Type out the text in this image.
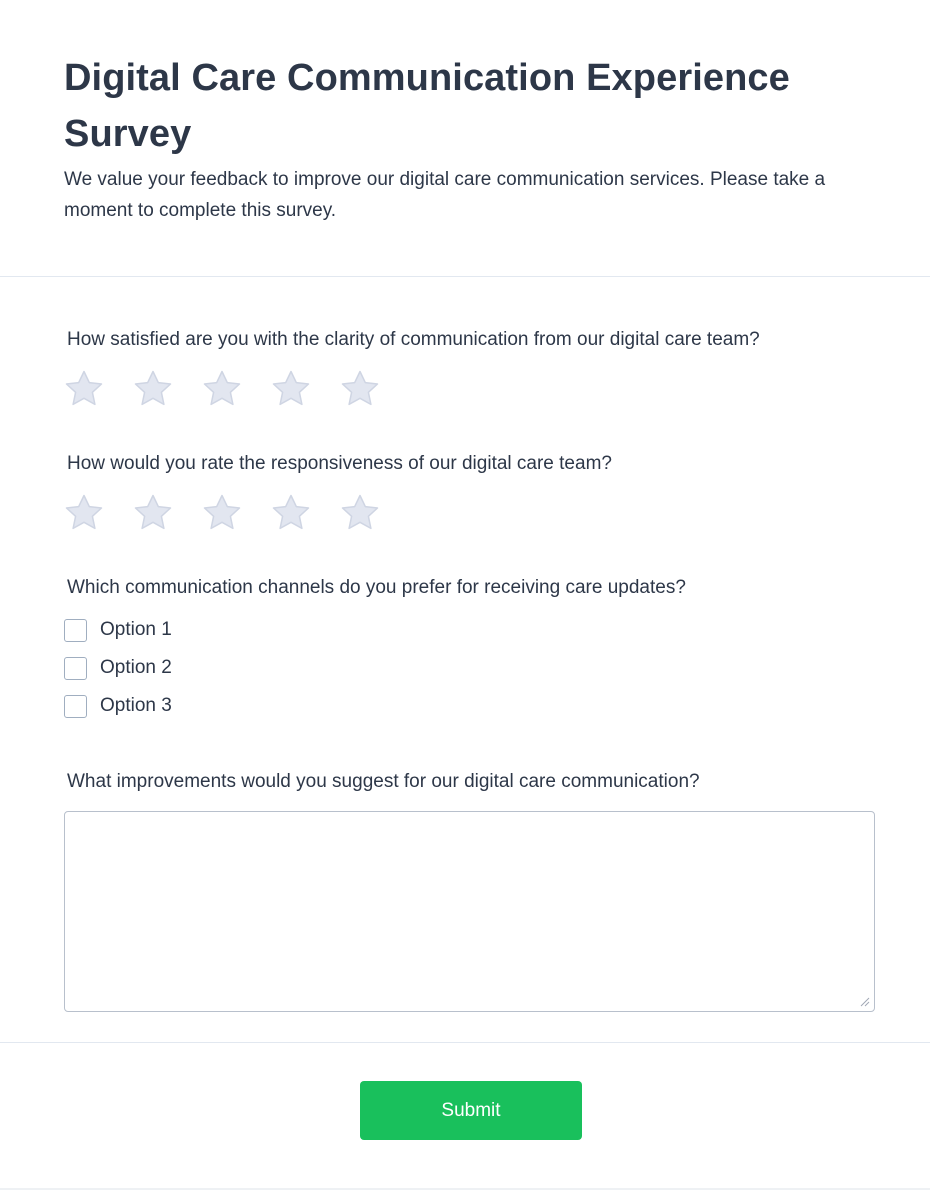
Digital Care Communication Experience Survey

We value your feedback to improve our digital care communication services. Please take a moment to complete this survey.

How satisfied are you with the clarity of communication from our digital care team?

How would you rate the responsiveness of our digital care team?

Which communication channels do you prefer for receiving care updates?

Option 1
Option 2
Option 3

What improvements would you suggest for our digital care communication?

Submit
